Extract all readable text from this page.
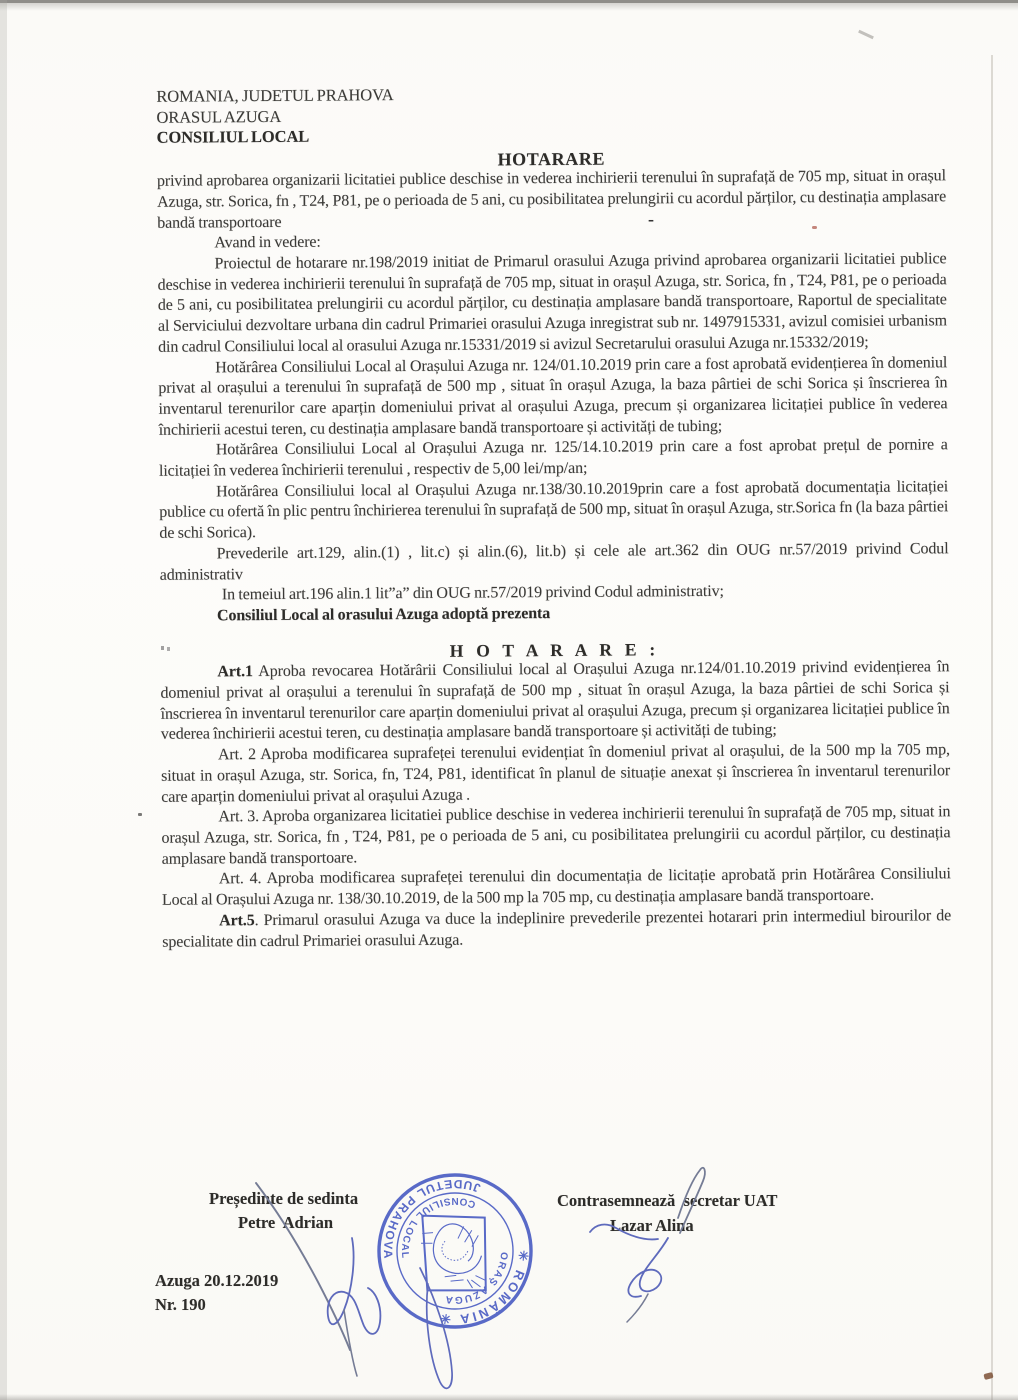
ROMANIA, JUDETUL PRAHOVA
ORASUL AZUGA
CONSILIUL LOCAL
HOTARARE

privind aprobarea organizarii licitatiei publice deschise in vederea inchirierii terenului în suprafață de 705 mp, situat in orașul Azuga, str. Sorica, fn , T24, P81, pe o perioada de 5 ani, cu posibilitatea prelungirii cu acordul părților, cu destinația amplasare bandă transportoare

Avand in vedere:

Proiectul de hotarare nr.198/2019 initiat de Primarul orasului Azuga privind aprobarea organizarii licitatiei publice deschise in vederea inchirierii terenului în suprafață de 705 mp, situat in orașul Azuga, str. Sorica, fn , T24, P81, pe o perioada de 5 ani, cu posibilitatea prelungirii cu acordul părților, cu destinația amplasare bandă transportoare, Raportul de specialitate al Serviciului dezvoltare urbana din cadrul Primariei orasului Azuga inregistrat sub nr. 1497915331, avizul comisiei urbanism din cadrul Consiliului local al orasului Azuga nr.15331/2019 si avizul Secretarului orasului Azuga nr.15332/2019;

Hotărârea Consiliului Local al Orașului Azuga nr. 124/01.10.2019 prin care a fost aprobată evidențierea în domeniul privat al orașului a terenului în suprafață de 500 mp , situat în orașul Azuga, la baza pârtiei de schi Sorica și înscrierea în inventarul terenurilor care aparțin domeniului privat al orașului Azuga, precum și organizarea licitației publice în vederea închirierii acestui teren, cu destinația amplasare bandă transportoare și activități de tubing;

Hotărârea Consiliului Local al Orașului Azuga nr. 125/14.10.2019 prin care a fost aprobat prețul de pornire a licitației în vederea închirierii terenului , respectiv de 5,00 lei/mp/an;

Hotărârea Consiliului local al Orașului Azuga nr.138/30.10.2019prin care a fost aprobată documentația licitației publice cu ofertă în plic pentru închirierea terenului în suprafață de 500 mp, situat în orașul Azuga, str.Sorica fn (la baza pârtiei de schi Sorica).

Prevederile art.129, alin.(1) , lit.c) și alin.(6), lit.b) și cele ale art.362 din OUG nr.57/2019 privind Codul administrativ

In temeiul art.196 alin.1 lit”a” din OUG nr.57/2019 privind Codul administrativ;

Consiliul Local al orasului Azuga adoptă prezenta

H O T A R A R E :

Art.1 Aproba revocarea Hotărârii Consiliului local al Orașului Azuga nr.124/01.10.2019 privind evidențierea în domeniul privat al orașului a terenului în suprafață de 500 mp , situat în orașul Azuga, la baza pârtiei de schi Sorica și înscrierea în inventarul terenurilor care aparțin domeniului privat al orașului Azuga, precum și organizarea licitației publice în vederea închirierii acestui teren, cu destinația amplasare bandă transportoare și activități de tubing;

Art. 2 Aproba modificarea suprafeței terenului evidențiat în domeniul privat al orașului, de la 500 mp la 705 mp, situat in orașul Azuga, str. Sorica, fn, T24, P81, identificat în planul de situație anexat și înscrierea în inventarul terenurilor care aparțin domeniului privat al orașului Azuga .

Art. 3. Aproba organizarea licitatiei publice deschise in vederea inchirierii terenului în suprafață de 705 mp, situat in orașul Azuga, str. Sorica, fn , T24, P81, pe o perioada de 5 ani, cu posibilitatea prelungirii cu acordul părților, cu destinația amplasare bandă transportoare.

Art. 4. Aproba modificarea suprafeței terenului din documentația de licitație aprobată prin Hotărârea Consiliului Local al Orașului Azuga nr. 138/30.10.2019, de la 500 mp la 705 mp, cu destinația amplasare bandă transportoare.

Art.5. Primarul orasului Azuga va duce la indeplinire prevederile prezentei hotarari prin intermediul birourilor de specialitate din cadrul Primariei orasului Azuga.

-
Președinte de sedinta
Petre  Adrian
Contrasemnează  secretar UAT
Lazar Alina
Azuga 20.12.2019
Nr. 190
✳ ROMÂNIA ✳
JUDETUL PRAHOVA	ORAȘ AZUGA
CONSILIUL LOCAL
